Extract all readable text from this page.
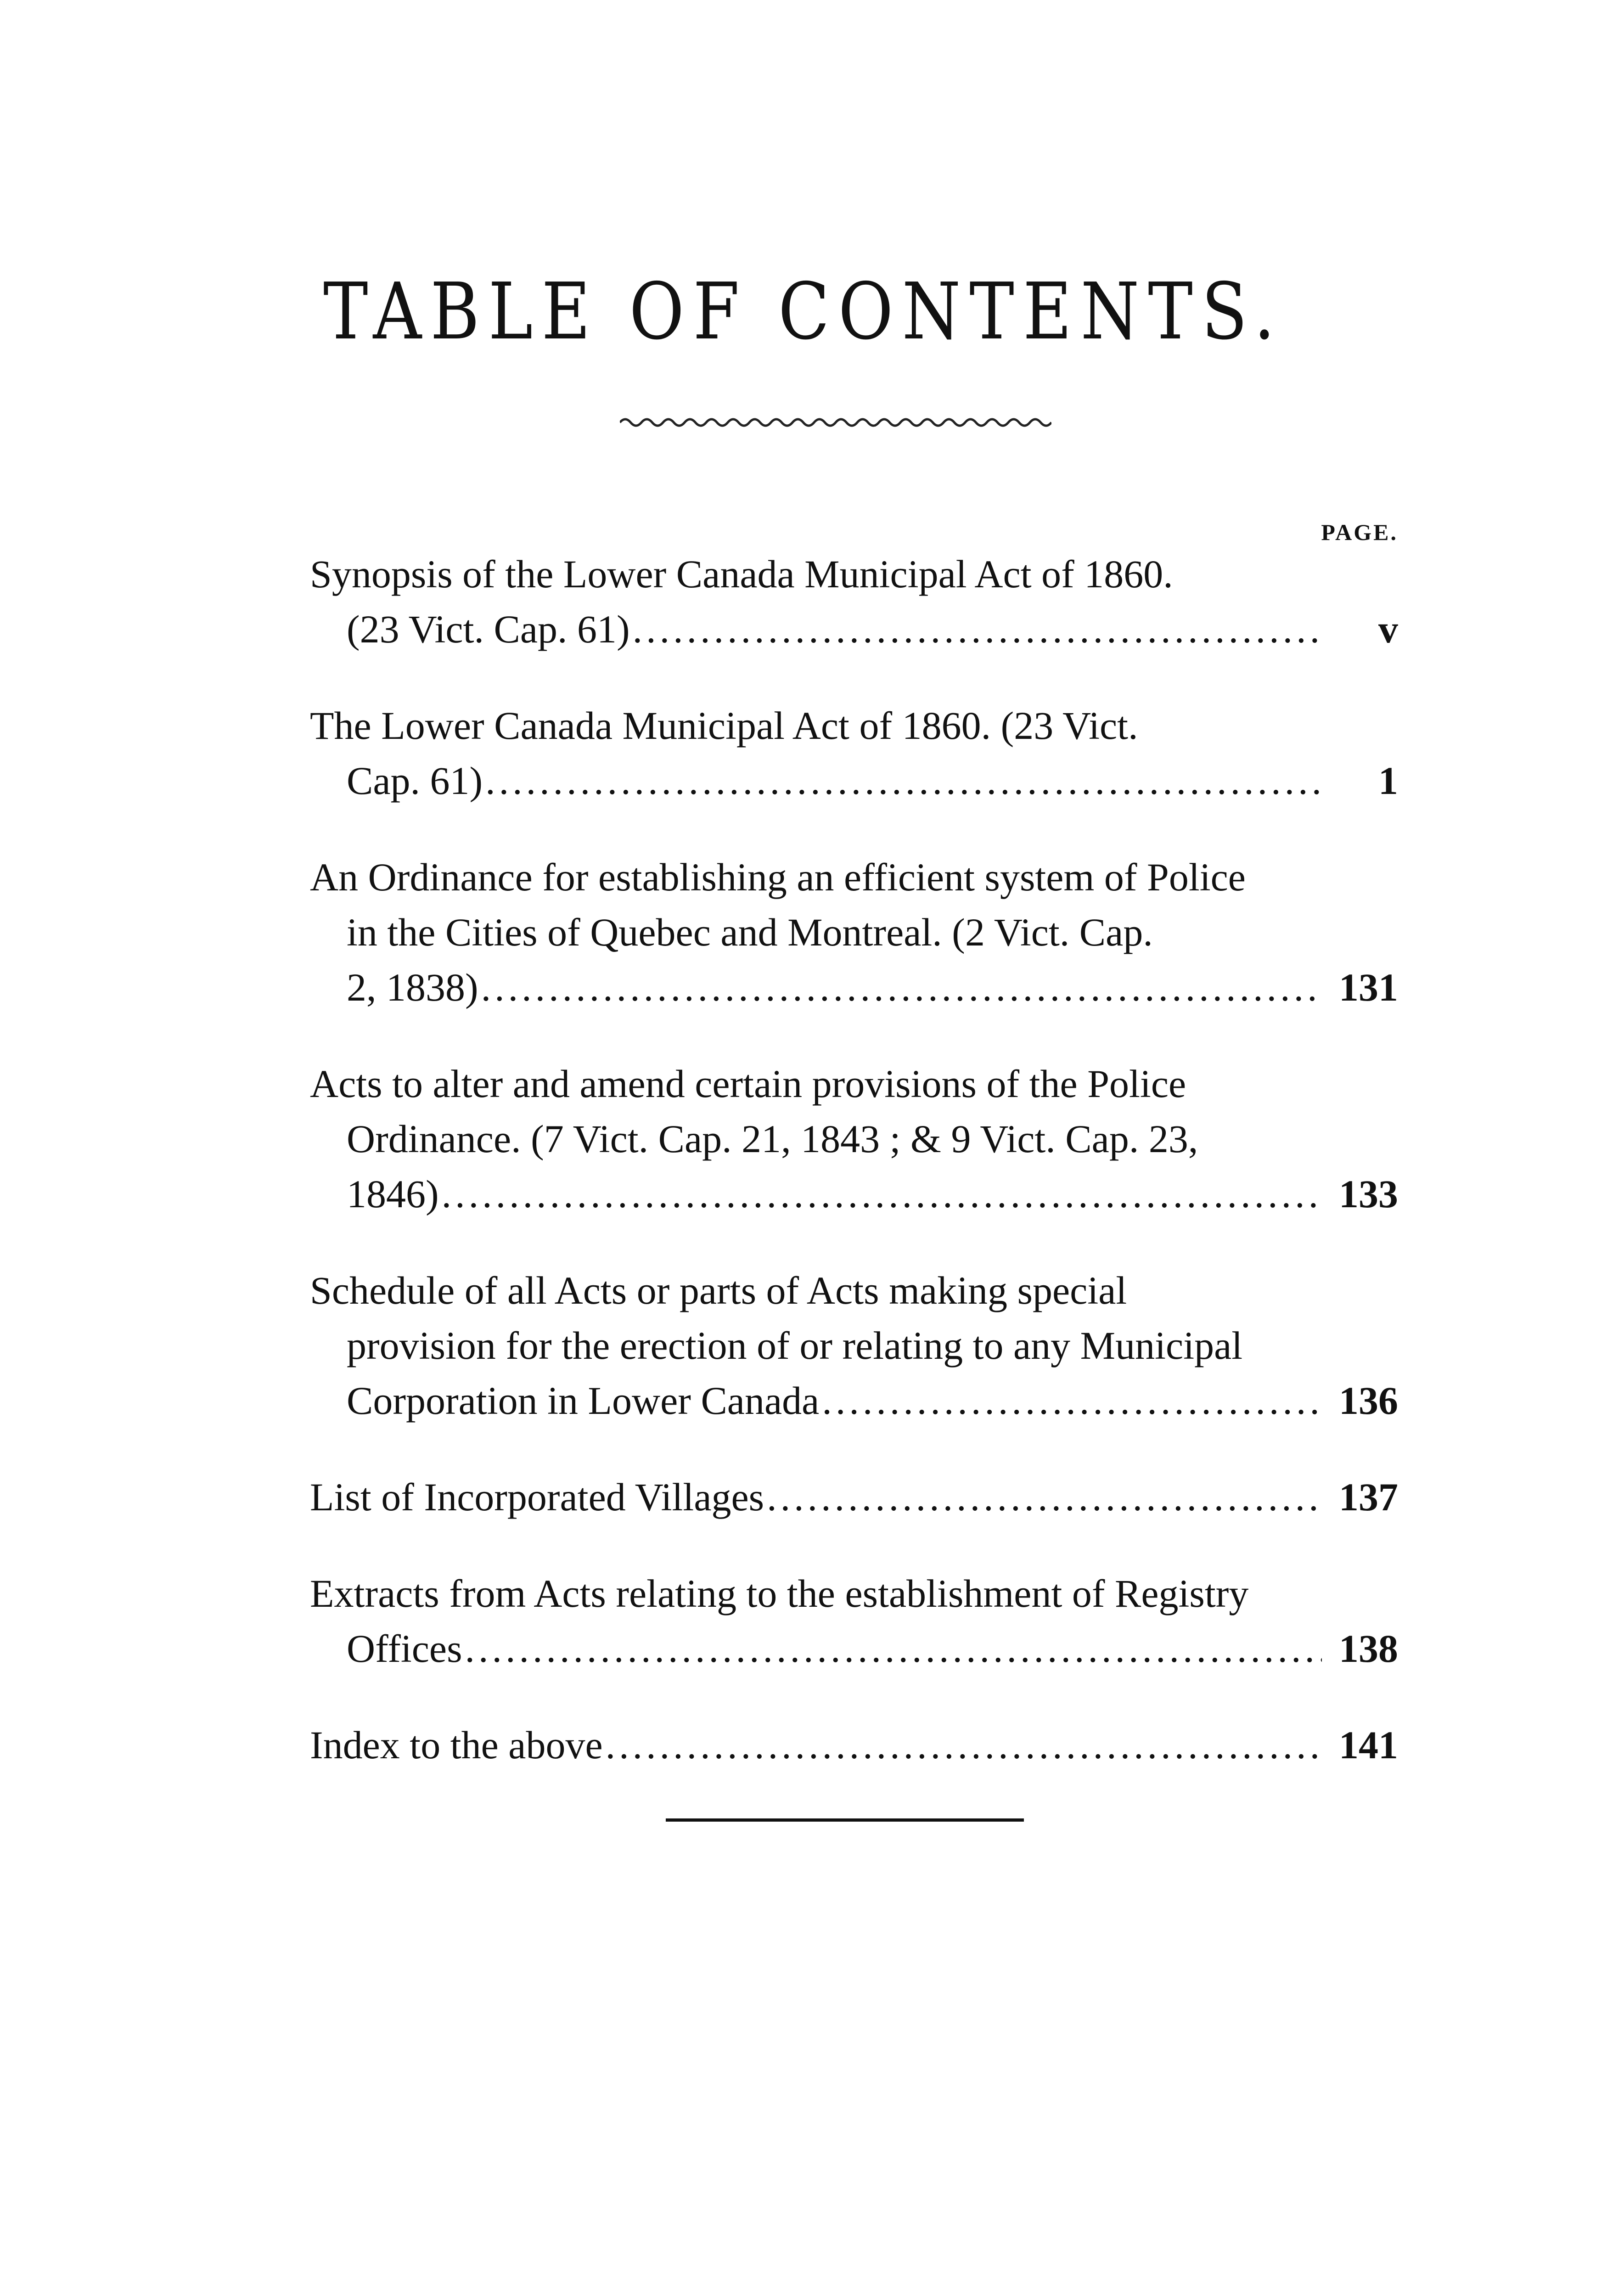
TABLE OF CONTENTS.
PAGE.
Synopsis of the Lower Canada Municipal Act of 1860.
(23 Vict. Cap. 61) .....	v
The Lower Canada Municipal Act of 1860. (23 Vict.
Cap. 61) .....	1
An Ordinance for establishing an efficient system of Police
in the Cities of Quebec and Montreal. (2 Vict. Cap.
2, 1838) .....	131
Acts to alter and amend certain provisions of the Police
Ordinance. (7 Vict. Cap. 21, 1843 ; & 9 Vict. Cap. 23,
1846) .....	133
Schedule of all Acts or parts of Acts making special
provision for the erection of or relating to any Municipal
Corporation in Lower Canada .....	136
List of Incorporated Villages .....	137
Extracts from Acts relating to the establishment of Registry
Offices .....	138
Index to the above .....	141
